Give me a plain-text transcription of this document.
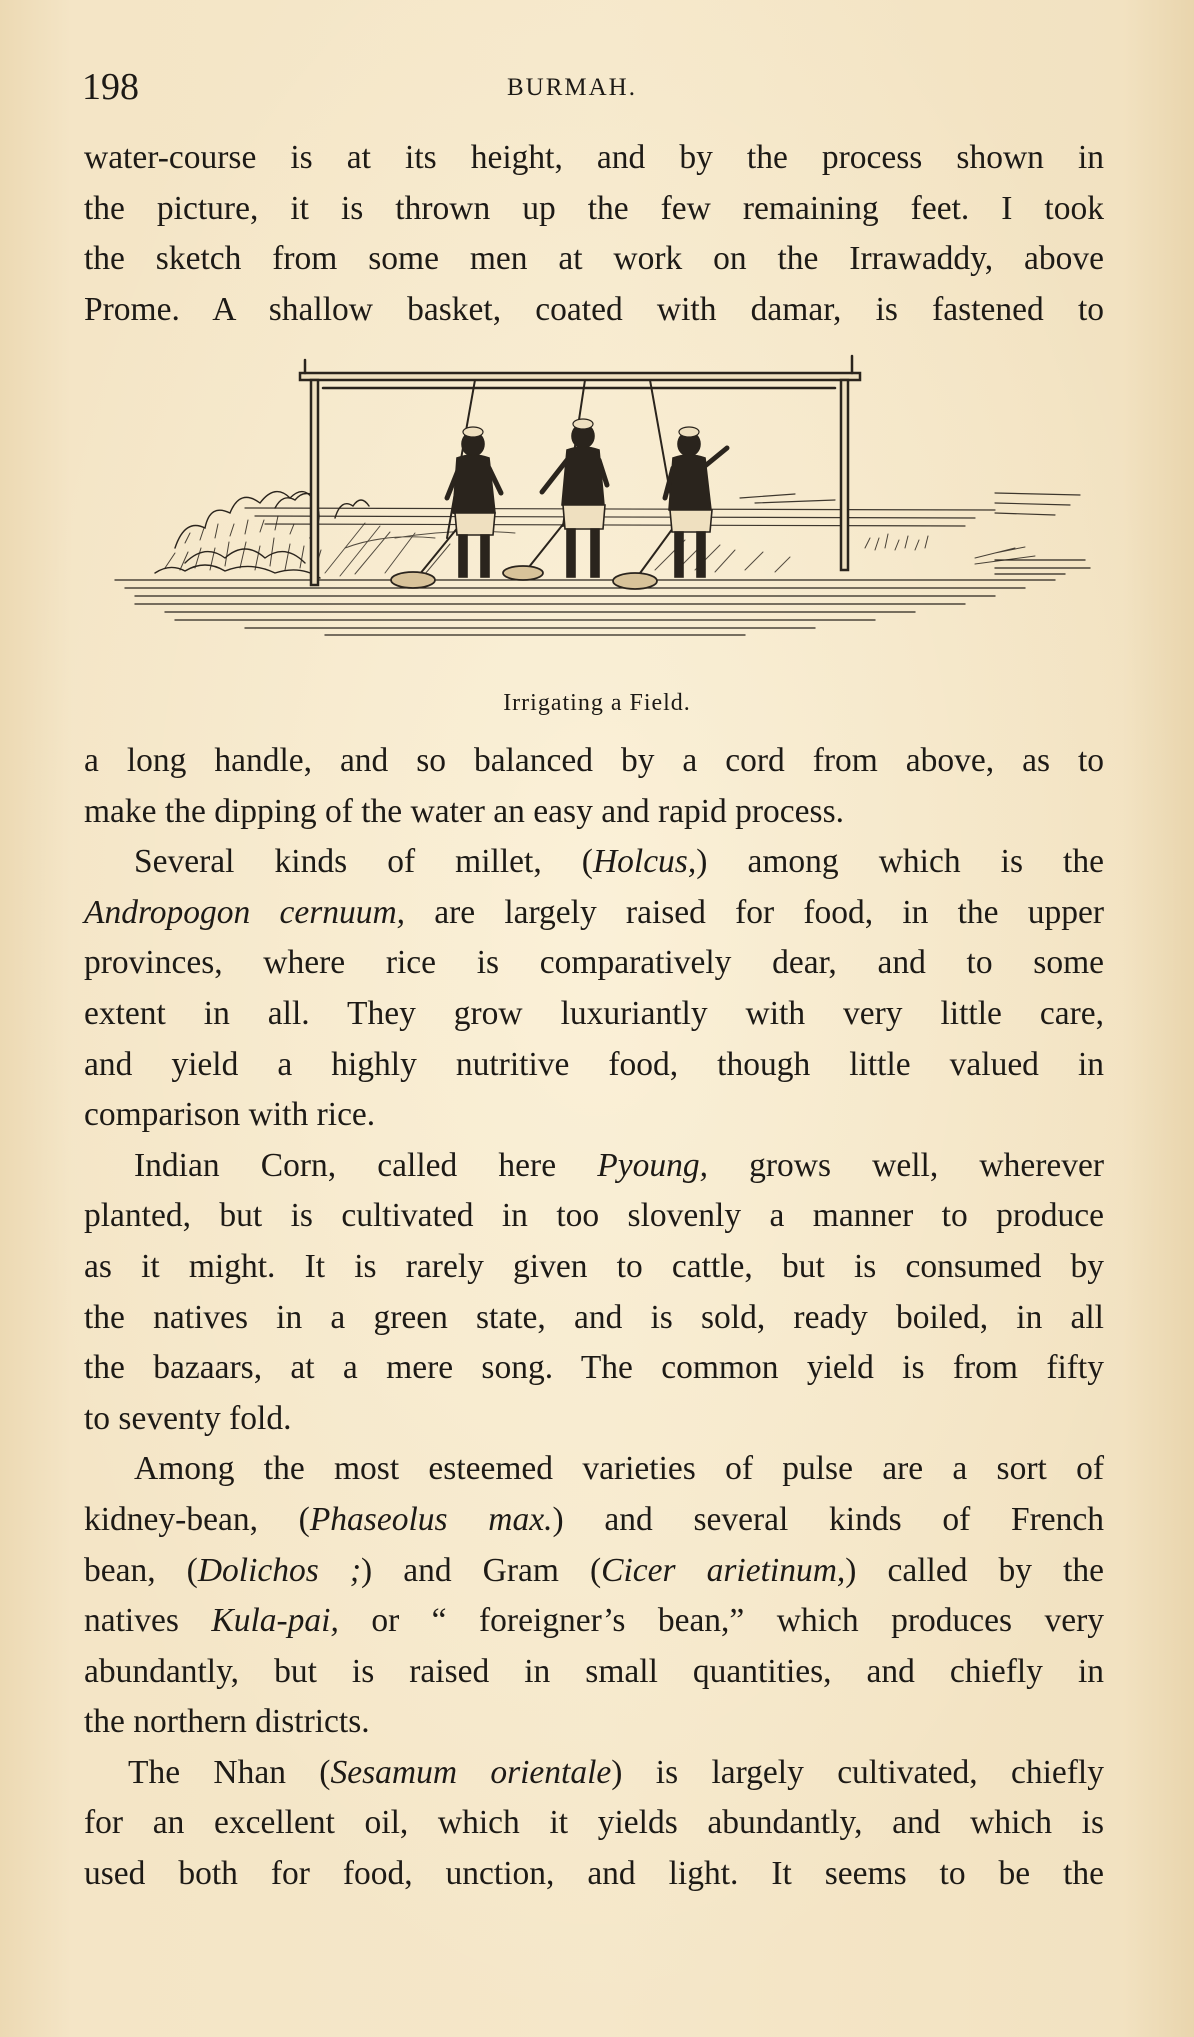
198	BURMAH.
water-course is at its height, and by the process shown in
the picture, it is thrown up the few remaining feet. I took
the sketch from some men at work on the Irrawaddy, above
Prome. A shallow basket, coated with damar, is fastened to
Irrigating a Field.
a long handle, and so balanced by a cord from above, as to
make the dipping of the water an easy and rapid process.
Several kinds of millet, (Holcus,) among which is the
Andropogon cernuum, are largely raised for food, in the upper
provinces, where rice is comparatively dear, and to some
extent in all. They grow luxuriantly with very little care,
and yield a highly nutritive food, though little valued in
comparison with rice.
Indian Corn, called here Pyoung, grows well, wherever
planted, but is cultivated in too slovenly a manner to produce
as it might. It is rarely given to cattle, but is consumed by
the natives in a green state, and is sold, ready boiled, in all
the bazaars, at a mere song. The common yield is from fifty
to seventy fold.
Among the most esteemed varieties of pulse are a sort of
kidney-bean, (Phaseolus max.) and several kinds of French
bean, (Dolichos ;) and Gram (Cicer arietinum,) called by the
natives Kula-pai, or “ foreigner’s bean,” which produces very
abundantly, but is raised in small quantities, and chiefly in
the northern districts.
The Nhan (Sesamum orientale) is largely cultivated, chiefly
for an excellent oil, which it yields abundantly, and which is
used both for food, unction, and light. It seems to be the
